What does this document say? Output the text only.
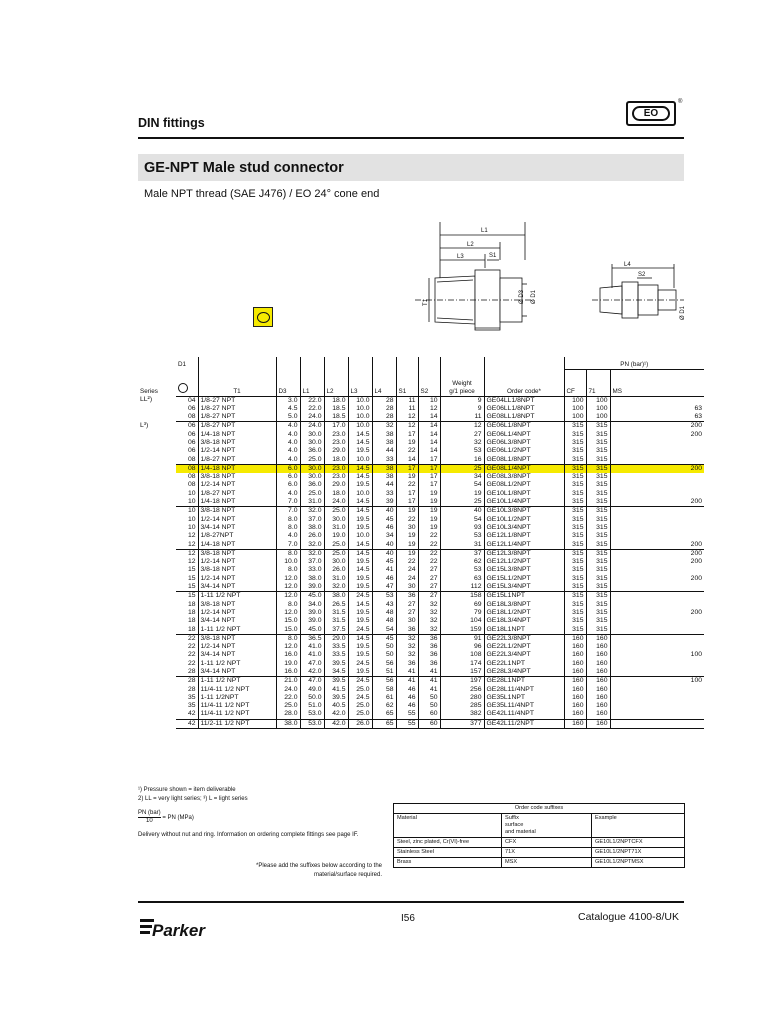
DIN fittings
EO
®
GE-NPT Male stud connector
Male NPT thread (SAE J476) / EO 24° cone end
L1
L2
L3	S1
T1	Ø D3 Ø D1
L4
S2
Ø D1
	D1											PN (bar)¹)		
Series		T1	D3	L1	L2	L3	L4	S1	S2	Weight
g/1 piece	Order code*	CF	71	MS
LL²)	04	1/8-27 NPT	3.0	22.0	18.0	10.0	28	11	10	9	GE04LL1/8NPT	100	100	
	06	1/8-27 NPT	4.5	22.0	18.5	10.0	28	11	12	9	GE06LL1/8NPT	100	100	63
	08	1/8-27 NPT	5.0	24.0	18.5	10.0	28	12	14	11	GE08LL1/8NPT	100	100	63
L³)	06	1/8-27 NPT	4.0	24.0	17.0	10.0	32	12	14	12	GE06L1/8NPT	315	315	200
	06	1/4-18 NPT	4.0	30.0	23.0	14.5	38	17	14	27	GE06L1/4NPT	315	315	200
	06	3/8-18 NPT	4.0	30.0	23.0	14.5	38	19	14	32	GE06L3/8NPT	315	315	
	06	1/2-14 NPT	4.0	36.0	29.0	19.5	44	22	14	53	GE06L1/2NPT	315	315	
	08	1/8-27 NPT	4.0	25.0	18.0	10.0	33	14	17	16	GE08L1/8NPT	315	315	
	08	1/4-18 NPT	6.0	30.0	23.0	14.5	38	17	17	25	GE08L1/4NPT	315	315	200
	08	3/8-18 NPT	6.0	30.0	23.0	14.5	38	19	17	34	GE08L3/8NPT	315	315	
	08	1/2-14 NPT	6.0	36.0	29.0	19.5	44	22	17	54	GE08L1/2NPT	315	315	
	10	1/8-27 NPT	4.0	25.0	18.0	10.0	33	17	19	19	GE10L1/8NPT	315	315	
	10	1/4-18 NPT	7.0	31.0	24.0	14.5	39	17	19	25	GE10L1/4NPT	315	315	200
	10	3/8-18 NPT	7.0	32.0	25.0	14.5	40	19	19	40	GE10L3/8NPT	315	315	
	10	1/2-14 NPT	8.0	37.0	30.0	19.5	45	22	19	54	GE10L1/2NPT	315	315	
	10	3/4-14 NPT	8.0	38.0	31.0	19.5	46	30	19	93	GE10L3/4NPT	315	315	
	12	1/8-27NPT	4.0	26.0	19.0	10.0	34	19	22	53	GE12L1/8NPT	315	315	
	12	1/4-18 NPT	7.0	32.0	25.0	14.5	40	19	22	31	GE12L1/4NPT	315	315	200
	12	3/8-18 NPT	8.0	32.0	25.0	14.5	40	19	22	37	GE12L3/8NPT	315	315	200
	12	1/2-14 NPT	10.0	37.0	30.0	19.5	45	22	22	62	GE12L1/2NPT	315	315	200
	15	3/8-18 NPT	8.0	33.0	26.0	14.5	41	24	27	53	GE15L3/8NPT	315	315	
	15	1/2-14 NPT	12.0	38.0	31.0	19.5	46	24	27	63	GE15L1/2NPT	315	315	200
	15	3/4-14 NPT	12.0	39.0	32.0	19.5	47	30	27	112	GE15L3/4NPT	315	315	
	15	1-11 1/2 NPT	12.0	45.0	38.0	24.5	53	36	27	158	GE15L1NPT	315	315	
	18	3/8-18 NPT	8.0	34.0	26.5	14.5	43	27	32	69	GE18L3/8NPT	315	315	
	18	1/2-14 NPT	12.0	39.0	31.5	19.5	48	27	32	79	GE18L1/2NPT	315	315	200
	18	3/4-14 NPT	15.0	39.0	31.5	19.5	48	30	32	104	GE18L3/4NPT	315	315	
	18	1-11 1/2 NPT	15.0	45.0	37.5	24.5	54	36	32	159	GE18L1NPT	315	315	
	22	3/8-18 NPT	8.0	36.5	29.0	14.5	45	32	36	91	GE22L3/8NPT	160	160	
	22	1/2-14 NPT	12.0	41.0	33.5	19.5	50	32	36	96	GE22L1/2NPT	160	160	
	22	3/4-14 NPT	16.0	41.0	33.5	19.5	50	32	36	108	GE22L3/4NPT	160	160	100
	22	1-11 1/2 NPT	19.0	47.0	39.5	24.5	56	36	36	174	GE22L1NPT	160	160	
	28	3/4-14 NPT	16.0	42.0	34.5	19.5	51	41	41	157	GE28L3/4NPT	160	160	
	28	1-11 1/2 NPT	21.0	47.0	39.5	24.5	56	41	41	197	GE28L1NPT	160	160	100
	28	11/4-11 1/2 NPT	24.0	49.0	41.5	25.0	58	46	41	256	GE28L11/4NPT	160	160	
	35	1-11 1/2NPT	22.0	50.0	39.5	24.5	61	46	50	280	GE35L1NPT	160	160	
	35	11/4-11 1/2 NPT	25.0	51.0	40.5	25.0	62	46	50	285	GE35L11/4NPT	160	160	
	42	11/4-11 1/2 NPT	28.0	53.0	42.0	25.0	65	55	60	382	GE42L11/4NPT	160	160	
	42	11/2-11 1/2 NPT	38.0	53.0	42.0	26.0	65	55	60	377	GE42L11/2NPT	160	160	
¹) Pressure shown = item deliverable
2) LL = very light series; ³) L = light series
PN (bar)
10	= PN (MPa)
Delivery without nut and ring. Information on ordering complete fittings see page IF.
*Please add the suffixes below according to the material/surface required.
Order code suffixes		
Material	Suffix
surface
and material	Example
Steel, zinc plated, Cr(VI)-free	CFX	GE10L1/2NPTCFX
Stainless Steel	71X	GE10L1/2NPT71X
Brass	MSX	GE10L1/2NPTMSX
Parker
I56	Catalogue 4100-8/UK
